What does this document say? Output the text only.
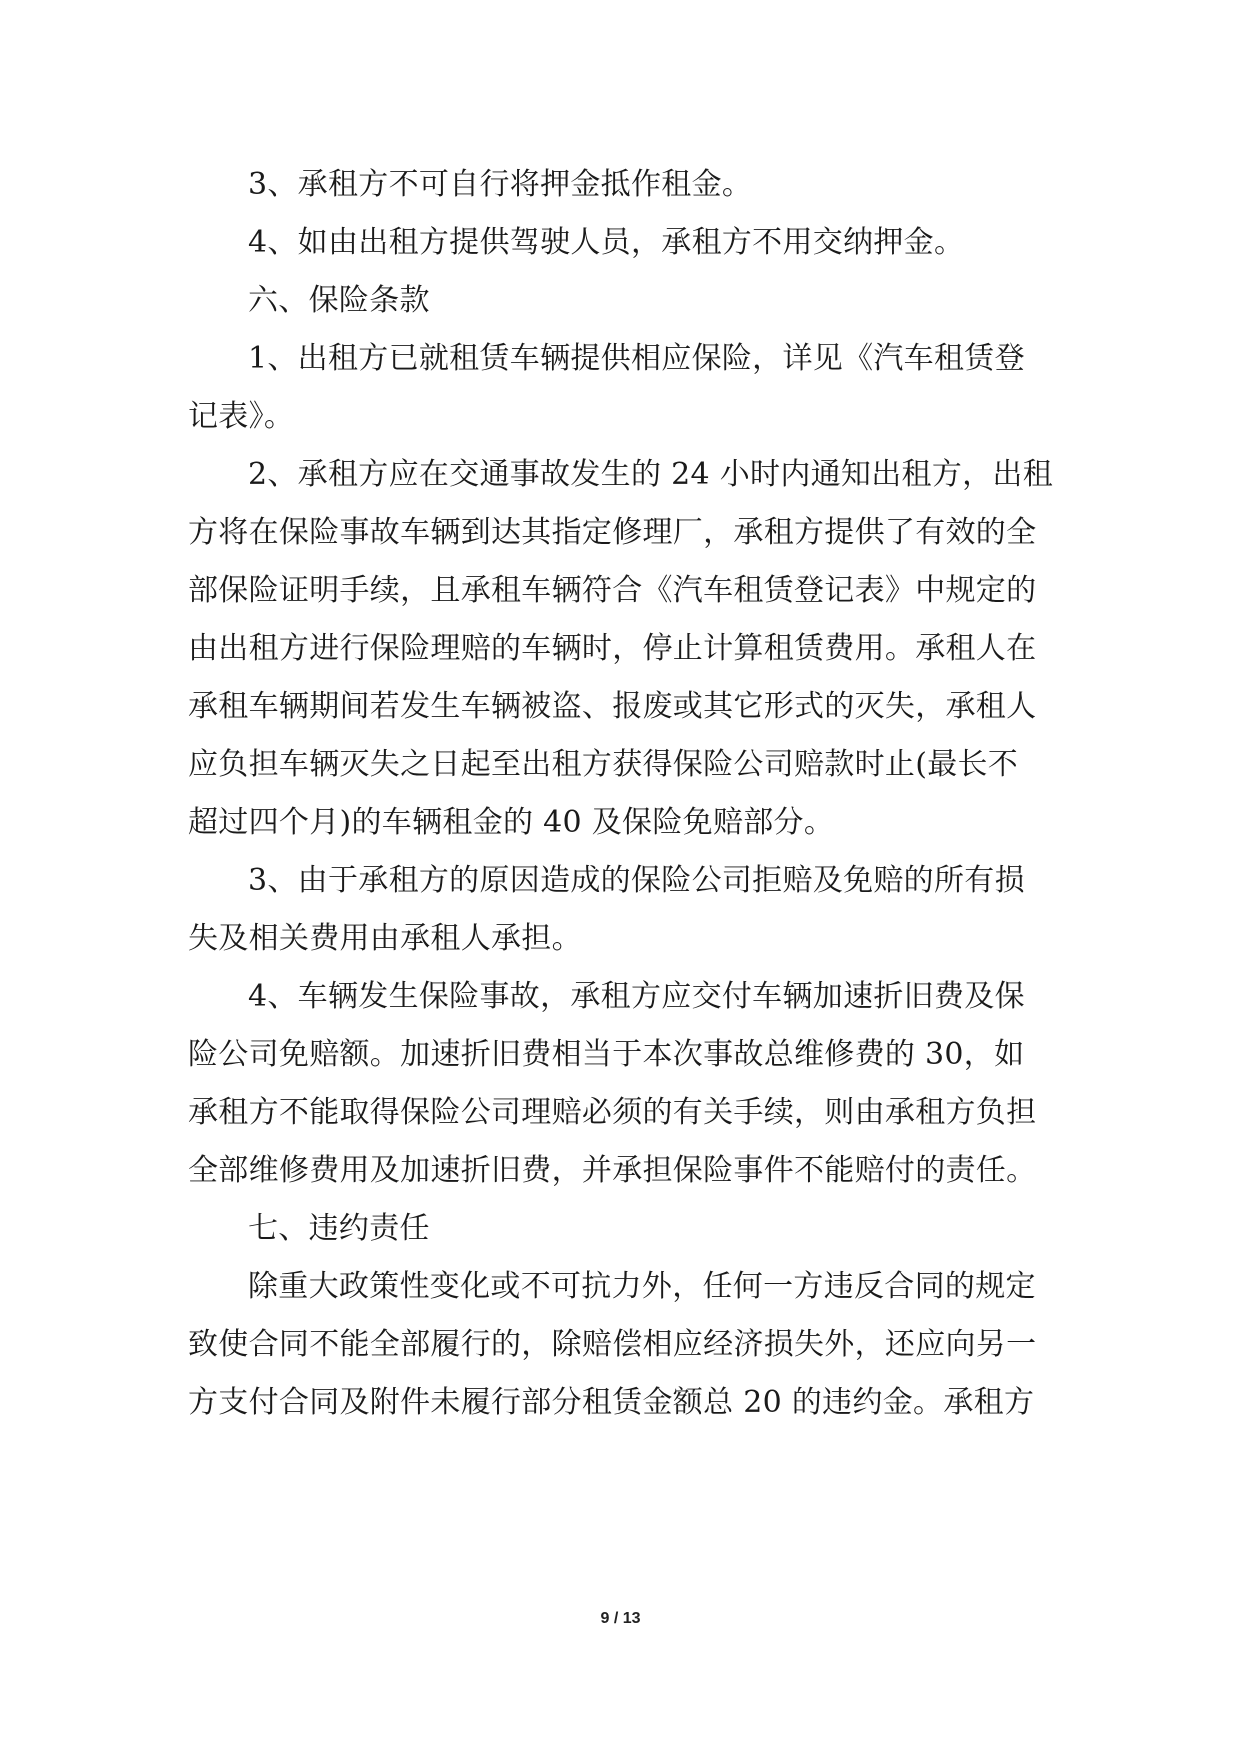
3、承租方不可自行将押金抵作租金。
4、如由出租方提供驾驶人员，承租方不用交纳押金。
六、保险条款
1、出租方已就租赁车辆提供相应保险，详见《汽车租赁登
记表》。
2、承租方应在交通事故发生的 24 小时内通知出租方，出租
方将在保险事故车辆到达其指定修理厂，承租方提供了有效的全
部保险证明手续，且承租车辆符合《汽车租赁登记表》中规定的
由出租方进行保险理赔的车辆时，停止计算租赁费用。承租人在
承租车辆期间若发生车辆被盗、报废或其它形式的灭失，承租人
应负担车辆灭失之日起至出租方获得保险公司赔款时止(最长不
超过四个月)的车辆租金的 40 及保险免赔部分。
3、由于承租方的原因造成的保险公司拒赔及免赔的所有损
失及相关费用由承租人承担。
4、车辆发生保险事故，承租方应交付车辆加速折旧费及保
险公司免赔额。加速折旧费相当于本次事故总维修费的 30，如
承租方不能取得保险公司理赔必须的有关手续，则由承租方负担
全部维修费用及加速折旧费，并承担保险事件不能赔付的责任。
七、违约责任
除重大政策性变化或不可抗力外，任何一方违反合同的规定
致使合同不能全部履行的，除赔偿相应经济损失外，还应向另一
方支付合同及附件未履行部分租赁金额总 20 的违约金。承租方
9 / 13
